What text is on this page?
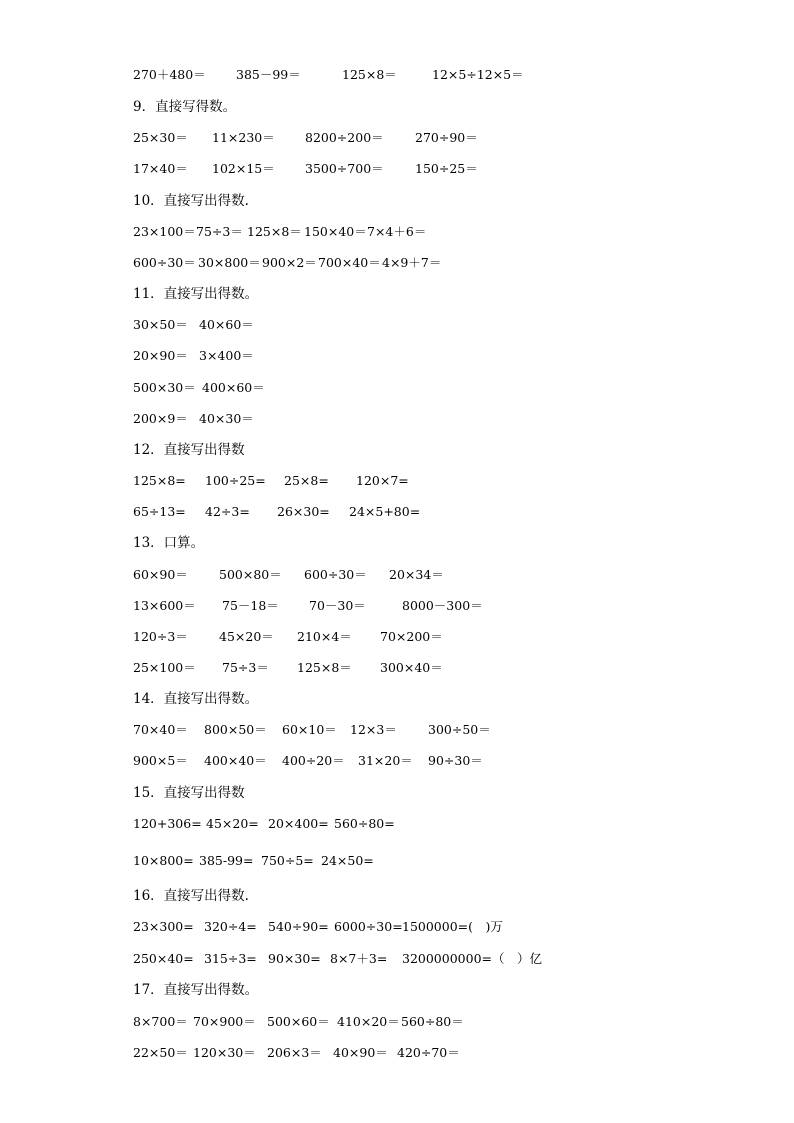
270＋480＝ 385－99＝	125×8＝	12×5÷12×5＝
9．直接写得数。
25×30＝ 11×230＝ 8200÷200＝	270÷90＝
17×40＝ 102×15＝ 3500÷700＝	150÷25＝
10．直接写出得数.
23×100＝ 75÷3＝ 125×8＝ 150×40＝ 7×4＋6＝
600÷30＝ 30×800＝ 900×2＝ 700×40＝ 4×9＋7＝
11．直接写出得数。
30×50＝ 40×60＝
20×90＝ 3×400＝
500×30＝ 400×60＝
200×9＝ 40×30＝
12．直接写出得数
125×8= 100÷25= 25×8= 120×7=
65÷13= 42÷3= 26×30= 24×5+80=
13．口算。
60×90＝ 500×80＝ 600÷30＝ 20×34＝
13×600＝ 75－18＝ 70－30＝	8000－300＝
120÷3＝ 45×20＝ 210×4＝ 70×200＝
25×100＝ 75÷3＝ 125×8＝ 300×40＝
14．直接写出得数。
70×40＝ 800×50＝ 60×10＝ 12×3＝ 300÷50＝
900×5＝ 400×40＝ 400÷20＝ 31×20＝ 90÷30＝
15．直接写出得数
120+306= 45×20= 20×400= 560÷80=
10×800= 385-99= 750÷5= 24×50=
16．直接写出得数.
23×300= 320÷4= 540÷90= 6000÷30= 1500000=(　)万
250×40= 315÷3= 90×30= 8×7＋3= 3200000000=（　）亿
17．直接写出得数。
8×700＝ 70×900＝ 500×60＝ 410×20＝ 560÷80＝
22×50＝ 120×30＝ 206×3＝ 40×90＝ 420÷70＝
